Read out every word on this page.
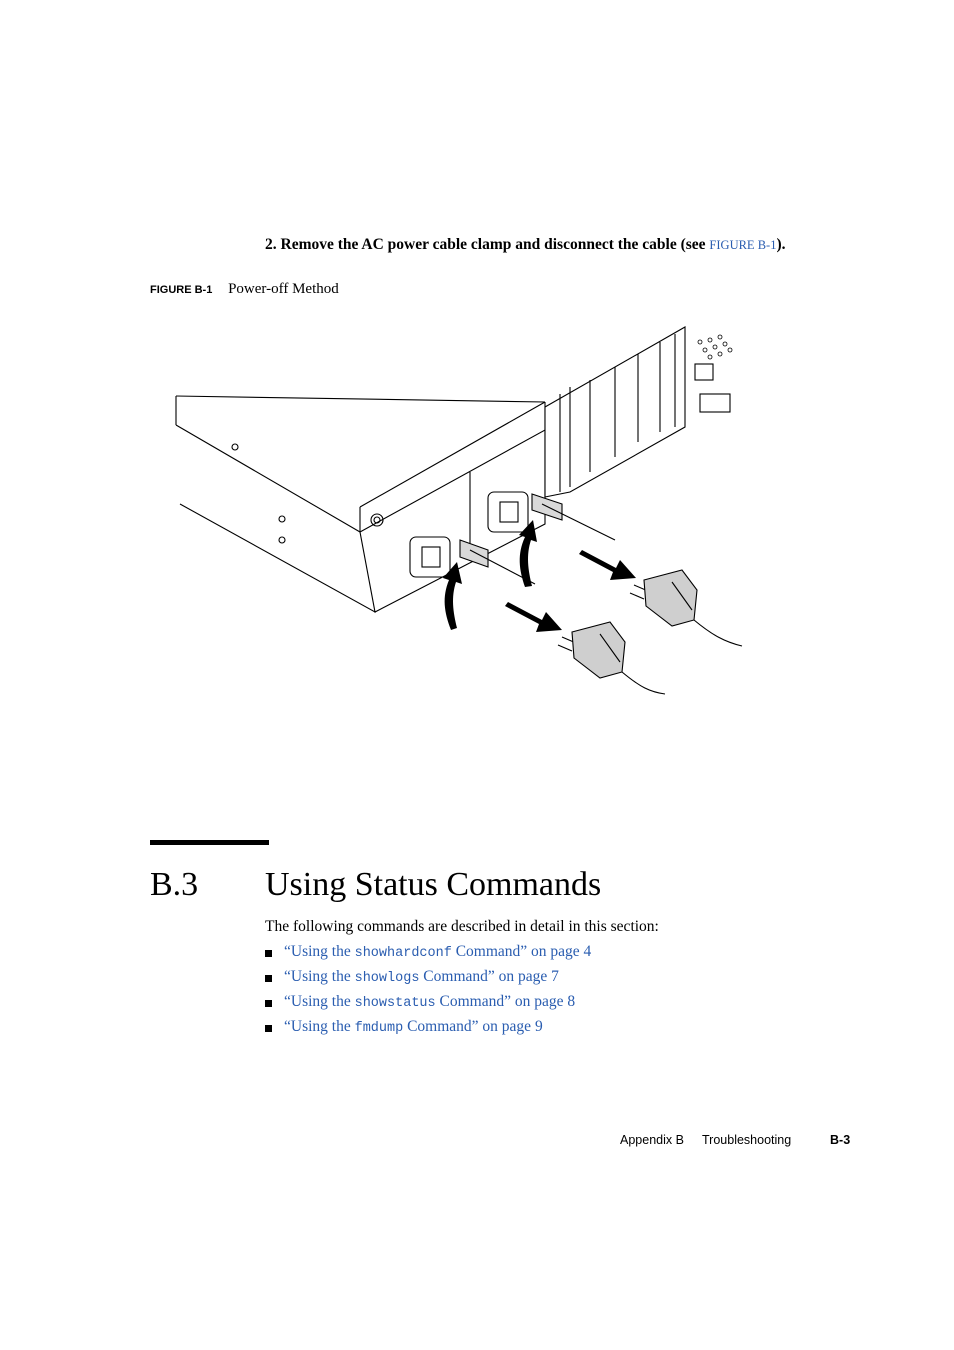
2. Remove the AC power cable clamp and disconnect the cable (see FIGURE B-1).
FIGURE B-1 Power-off Method
B.3 Using Status Commands
The following commands are described in detail in this section:
“Using the showhardconf Command” on page 4
“Using the showlogs Command” on page 7
“Using the showstatus Command” on page 8
“Using the fmdump Command” on page 9
Appendix B Troubleshooting	B-3
